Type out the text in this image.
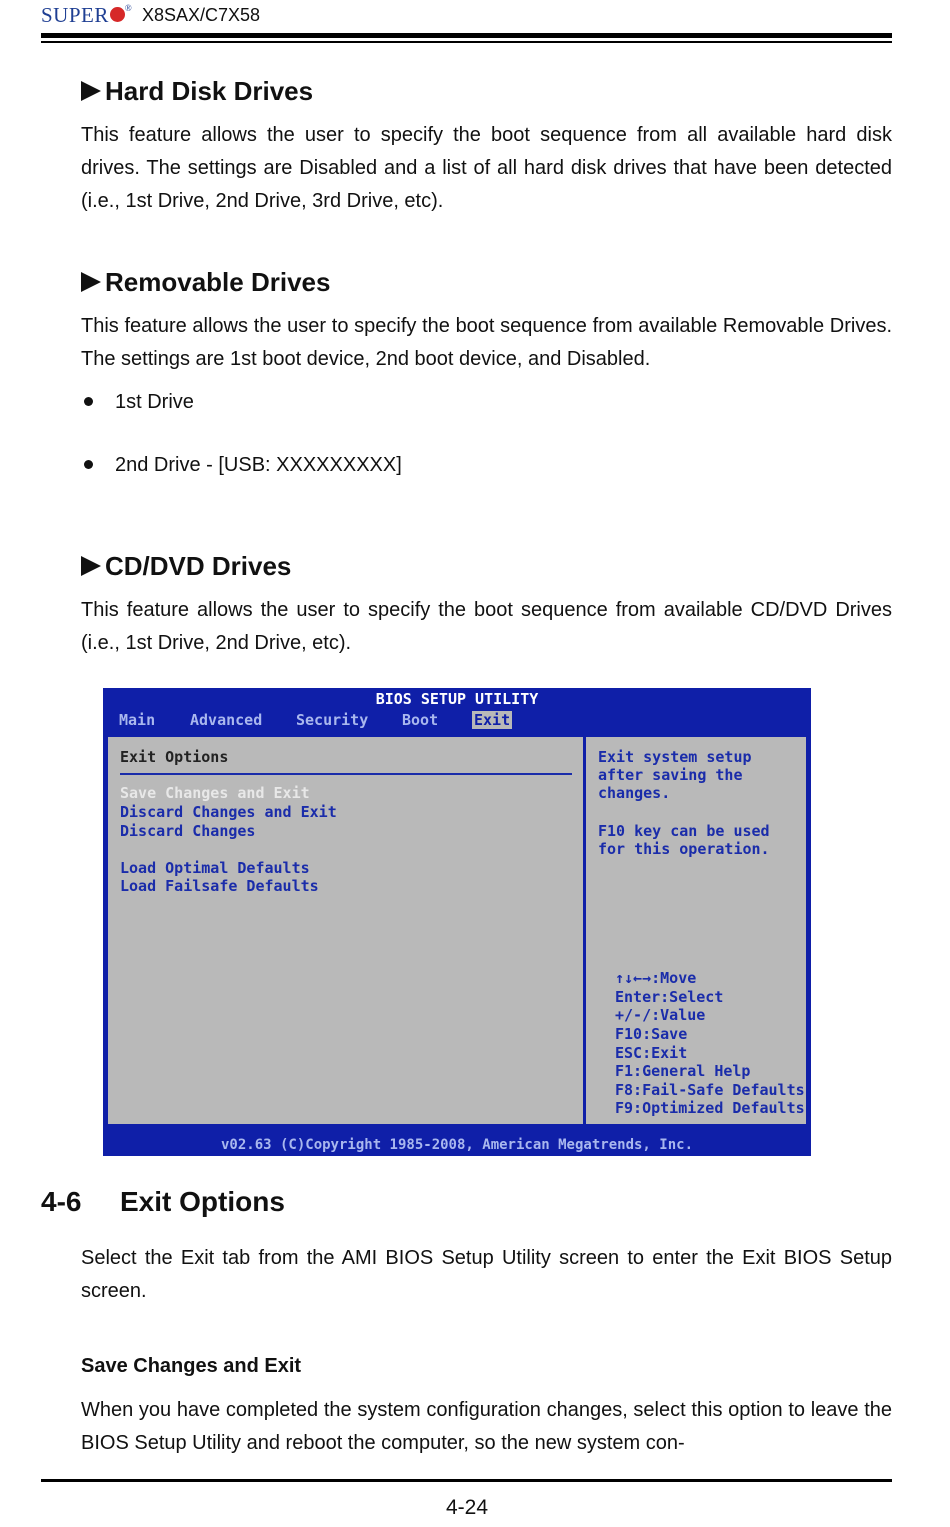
SUPER ® X8SAX/C7X58
Hard Disk Drives
This feature allows the user to specify the boot sequence from all available hard disk drives. The settings are Disabled and a list of all hard disk drives that have been detected (i.e., 1st Drive, 2nd Drive, 3rd Drive, etc).
Removable Drives
This feature allows the user to specify the boot sequence from available Removable Drives. The settings are 1st boot device, 2nd boot device, and Disabled.
1st Drive
2nd Drive - [USB: XXXXXXXXX]
CD/DVD Drives
This feature allows the user to specify the boot sequence from available CD/DVD Drives (i.e., 1st Drive, 2nd Drive, etc).
BIOS SETUP UTILITY
Main Advanced Security Boot Exit
Exit Options
Save Changes and Exit
Discard Changes and Exit
Discard Changes
Load Optimal Defaults
Load Failsafe Defaults
Exit system setup
after saving the
changes.
F10 key can be used
for this operation.
↑↓←→:Move
Enter:Select
+/-/:Value
F10:Save
ESC:Exit
F1:General Help
F8:Fail-Safe Defaults
F9:Optimized Defaults
v02.63 (C)Copyright 1985-2008, American Megatrends, Inc.
4-6 Exit Options
Select the Exit tab from the AMI BIOS Setup Utility screen to enter the Exit BIOS Setup screen.
Save Changes and Exit
When you have completed the system configuration changes, select this option to leave the BIOS Setup Utility and reboot the computer, so the new system con-
4-24
